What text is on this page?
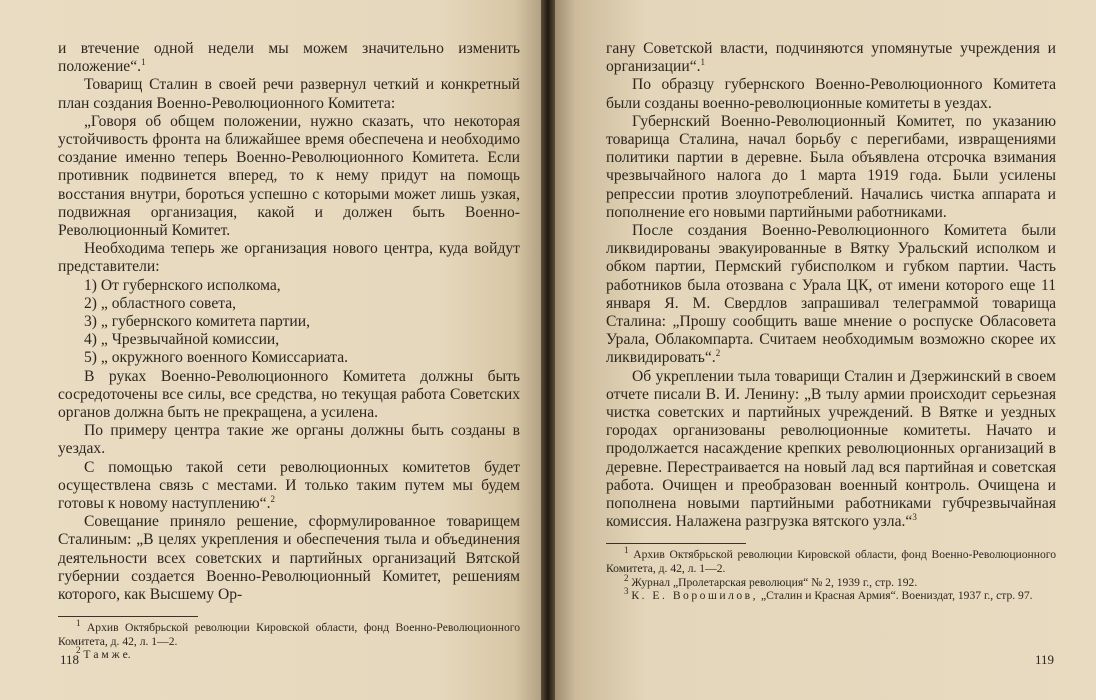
и втечение одной недели мы можем значительно изменить положение“.$^1$

Товарищ Сталин в своей речи развернул четкий и конкретный план создания Военно-Революционного Комитета:

„Говоря об общем положении, нужно сказать, что некоторая устойчивость фронта на ближайшее время обеспечена и необходимо создание именно теперь Военно-Революционного Комитета. Если противник подвинется вперед, то к нему придут на помощь восстания внутри, бороться успешно с которыми может лишь узкая, подвижная организация, какой и должен быть Военно-Революционный Комитет.

Необходима теперь же организация нового центра, куда войдут представители:

1) От губернского исполкома,
2) „ областного совета,
3) „ губернского комитета партии,
4) „ Чрезвычайной комиссии,
5) „ окружного военного Комиссариата.

В руках Военно-Революционного Комитета должны быть сосредоточены все силы, все средства, но текущая работа Советских органов должна быть не прекращена, а усилена.

По примеру центра такие же органы должны быть созданы в уездах.

С помощью такой сети революционных комитетов будет осуществлена связь с местами. И только таким путем мы будем готовы к новому наступлению“.$^2$

Совещание приняло решение, сформулированное товарищем Сталиным: „В целях укрепления и обеспечения тыла и объединения деятельности всех советских и партийных организаций Вятской губернии создается Военно-Революционный Комитет, решениям которого, как Высшему Ор-

$^1$ Архив Октябрьской революции Кировской области, фонд Военно-Революционного Комитета, д. 42, л. 1—2.

$^2$ Т а м ж е.

118

гану Советской власти, подчиняются упомянутые учреждения и организации“.$^1$

По образцу губернского Военно-Революционного Комитета были созданы военно-революционные комитеты в уездах.

Губернский Военно-Революционный Комитет, по указанию товарища Сталина, начал борьбу с перегибами, извращениями политики партии в деревне. Была объявлена отсрочка взимания чрезвычайного налога до 1 марта 1919 года. Были усилены репрессии против злоупотреблений. Начались чистка аппарата и пополнение его новыми партийными работниками.

После создания Военно-Революционного Комитета были ликвидированы эвакуированные в Вятку Уральский исполком и обком партии, Пермский губисполком и губком партии. Часть работников была отозвана с Урала ЦК, от имени которого еще 11 января Я. М. Свердлов запрашивал телеграммой товарища Сталина: „Прошу сообщить ваше мнение о роспуске Обласовета Урала, Облакомпарта. Считаем необходимым возможно скорее их ликвидировать“.$^2$

Об укреплении тыла товарищи Сталин и Дзержинский в своем отчете писали В. И. Ленину: „В тылу армии происходит серьезная чистка советских и партийных учреждений. В Вятке и уездных городах организованы революционные комитеты. Начато и продолжается насаждение крепких революционных организаций в деревне. Перестраивается на новый лад вся партийная и советская работа. Очищен и преобразован военный контроль. Очищена и пополнена новыми партийными работниками губчрезвычайная комиссия. Налажена разгрузка вятского узла.“$^3$

$^1$ Архив Октябрьской революции Кировской области, фонд Военно-Революционного Комитета, д. 42, л. 1—2.

$^2$ Журнал „Пролетарская революция“ № 2, 1939 г., стр. 192.

$^3$ К. Е. Ворошилов, „Сталин и Красная Армия“. Воениздат, 1937 г., стр. 97.

119
